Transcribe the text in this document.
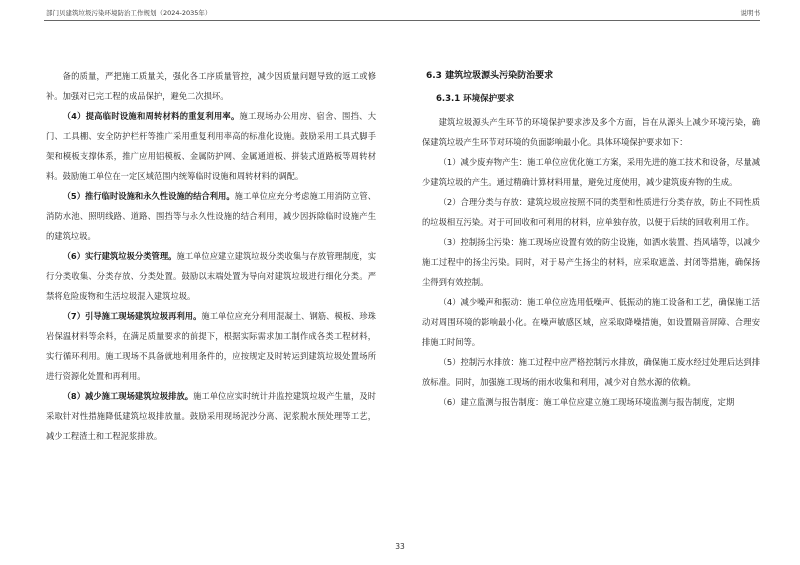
部门贝建筑垃圾污染环境防治工作规划（2024-2035年）	说明书

备的质量，严把施工质量关，强化各工序质量管控，减少因质量问题导致的返工或修补。加强对已完工程的成品保护，避免二次损坏。

（4）提高临时设施和周转材料的重复利用率。施工现场办公用房、宿舍、围挡、大门、工具棚、安全防护栏杆等推广采用重复利用率高的标准化设施。鼓励采用工具式脚手架和模板支撑体系，推广应用铝模板、金属防护网、金属通道板、拼装式道路板等周转材料。鼓励施工单位在一定区域范围内统筹临时设施和周转材料的调配。

（5）推行临时设施和永久性设施的结合利用。施工单位应充分考虑施工用消防立管、消防水池、照明线路、道路、围挡等与永久性设施的结合利用，减少因拆除临时设施产生的建筑垃圾。

（6）实行建筑垃圾分类管理。施工单位应建立建筑垃圾分类收集与存放管理制度，实行分类收集、分类存放、分类处置。鼓励以末端处置为导向对建筑垃圾进行细化分类。严禁将危险废物和生活垃圾混入建筑垃圾。

（7）引导施工现场建筑垃圾再利用。施工单位应充分利用混凝土、钢筋、模板、珍珠岩保温材料等余料，在满足质量要求的前提下，根据实际需求加工制作成各类工程材料，实行循环利用。施工现场不具备就地利用条件的，应按规定及时转运到建筑垃圾处置场所进行资源化处置和再利用。

（8）减少施工现场建筑垃圾排放。施工单位应实时统计并监控建筑垃圾产生量，及时采取针对性措施降低建筑垃圾排放量。鼓励采用现场泥沙分离、泥浆脱水预处理等工艺，减少工程渣土和工程泥浆排放。

6.3 建筑垃圾源头污染防治要求

6.3.1 环境保护要求

建筑垃圾源头产生环节的环境保护要求涉及多个方面，旨在从源头上减少环境污染，确保建筑垃圾产生环节对环境的负面影响最小化。具体环境保护要求如下：

（1）减少废弃物产生：施工单位应优化施工方案，采用先进的施工技术和设备，尽量减少建筑垃圾的产生。通过精确计算材料用量，避免过度使用，减少建筑废弃物的生成。

（2）合理分类与存放：建筑垃圾应按照不同的类型和性质进行分类存放，防止不同性质的垃圾相互污染。对于可回收和可利用的材料，应单独存放，以便于后续的回收利用工作。

（3）控制扬尘污染：施工现场应设置有效的防尘设施，如洒水装置、挡风墙等，以减少施工过程中的扬尘污染。同时，对于易产生扬尘的材料，应采取遮盖、封闭等措施，确保扬尘得到有效控制。

（4）减少噪声和振动：施工单位应选用低噪声、低振动的施工设备和工艺，确保施工活动对周围环境的影响最小化。在噪声敏感区域，应采取降噪措施，如设置隔音屏障、合理安排施工时间等。

（5）控制污水排放：施工过程中应严格控制污水排放，确保施工废水经过处理后达到排放标准。同时，加强施工现场的雨水收集和利用，减少对自然水源的依赖。

（6）建立监测与报告制度：施工单位应建立施工现场环境监测与报告制度，定期

33
